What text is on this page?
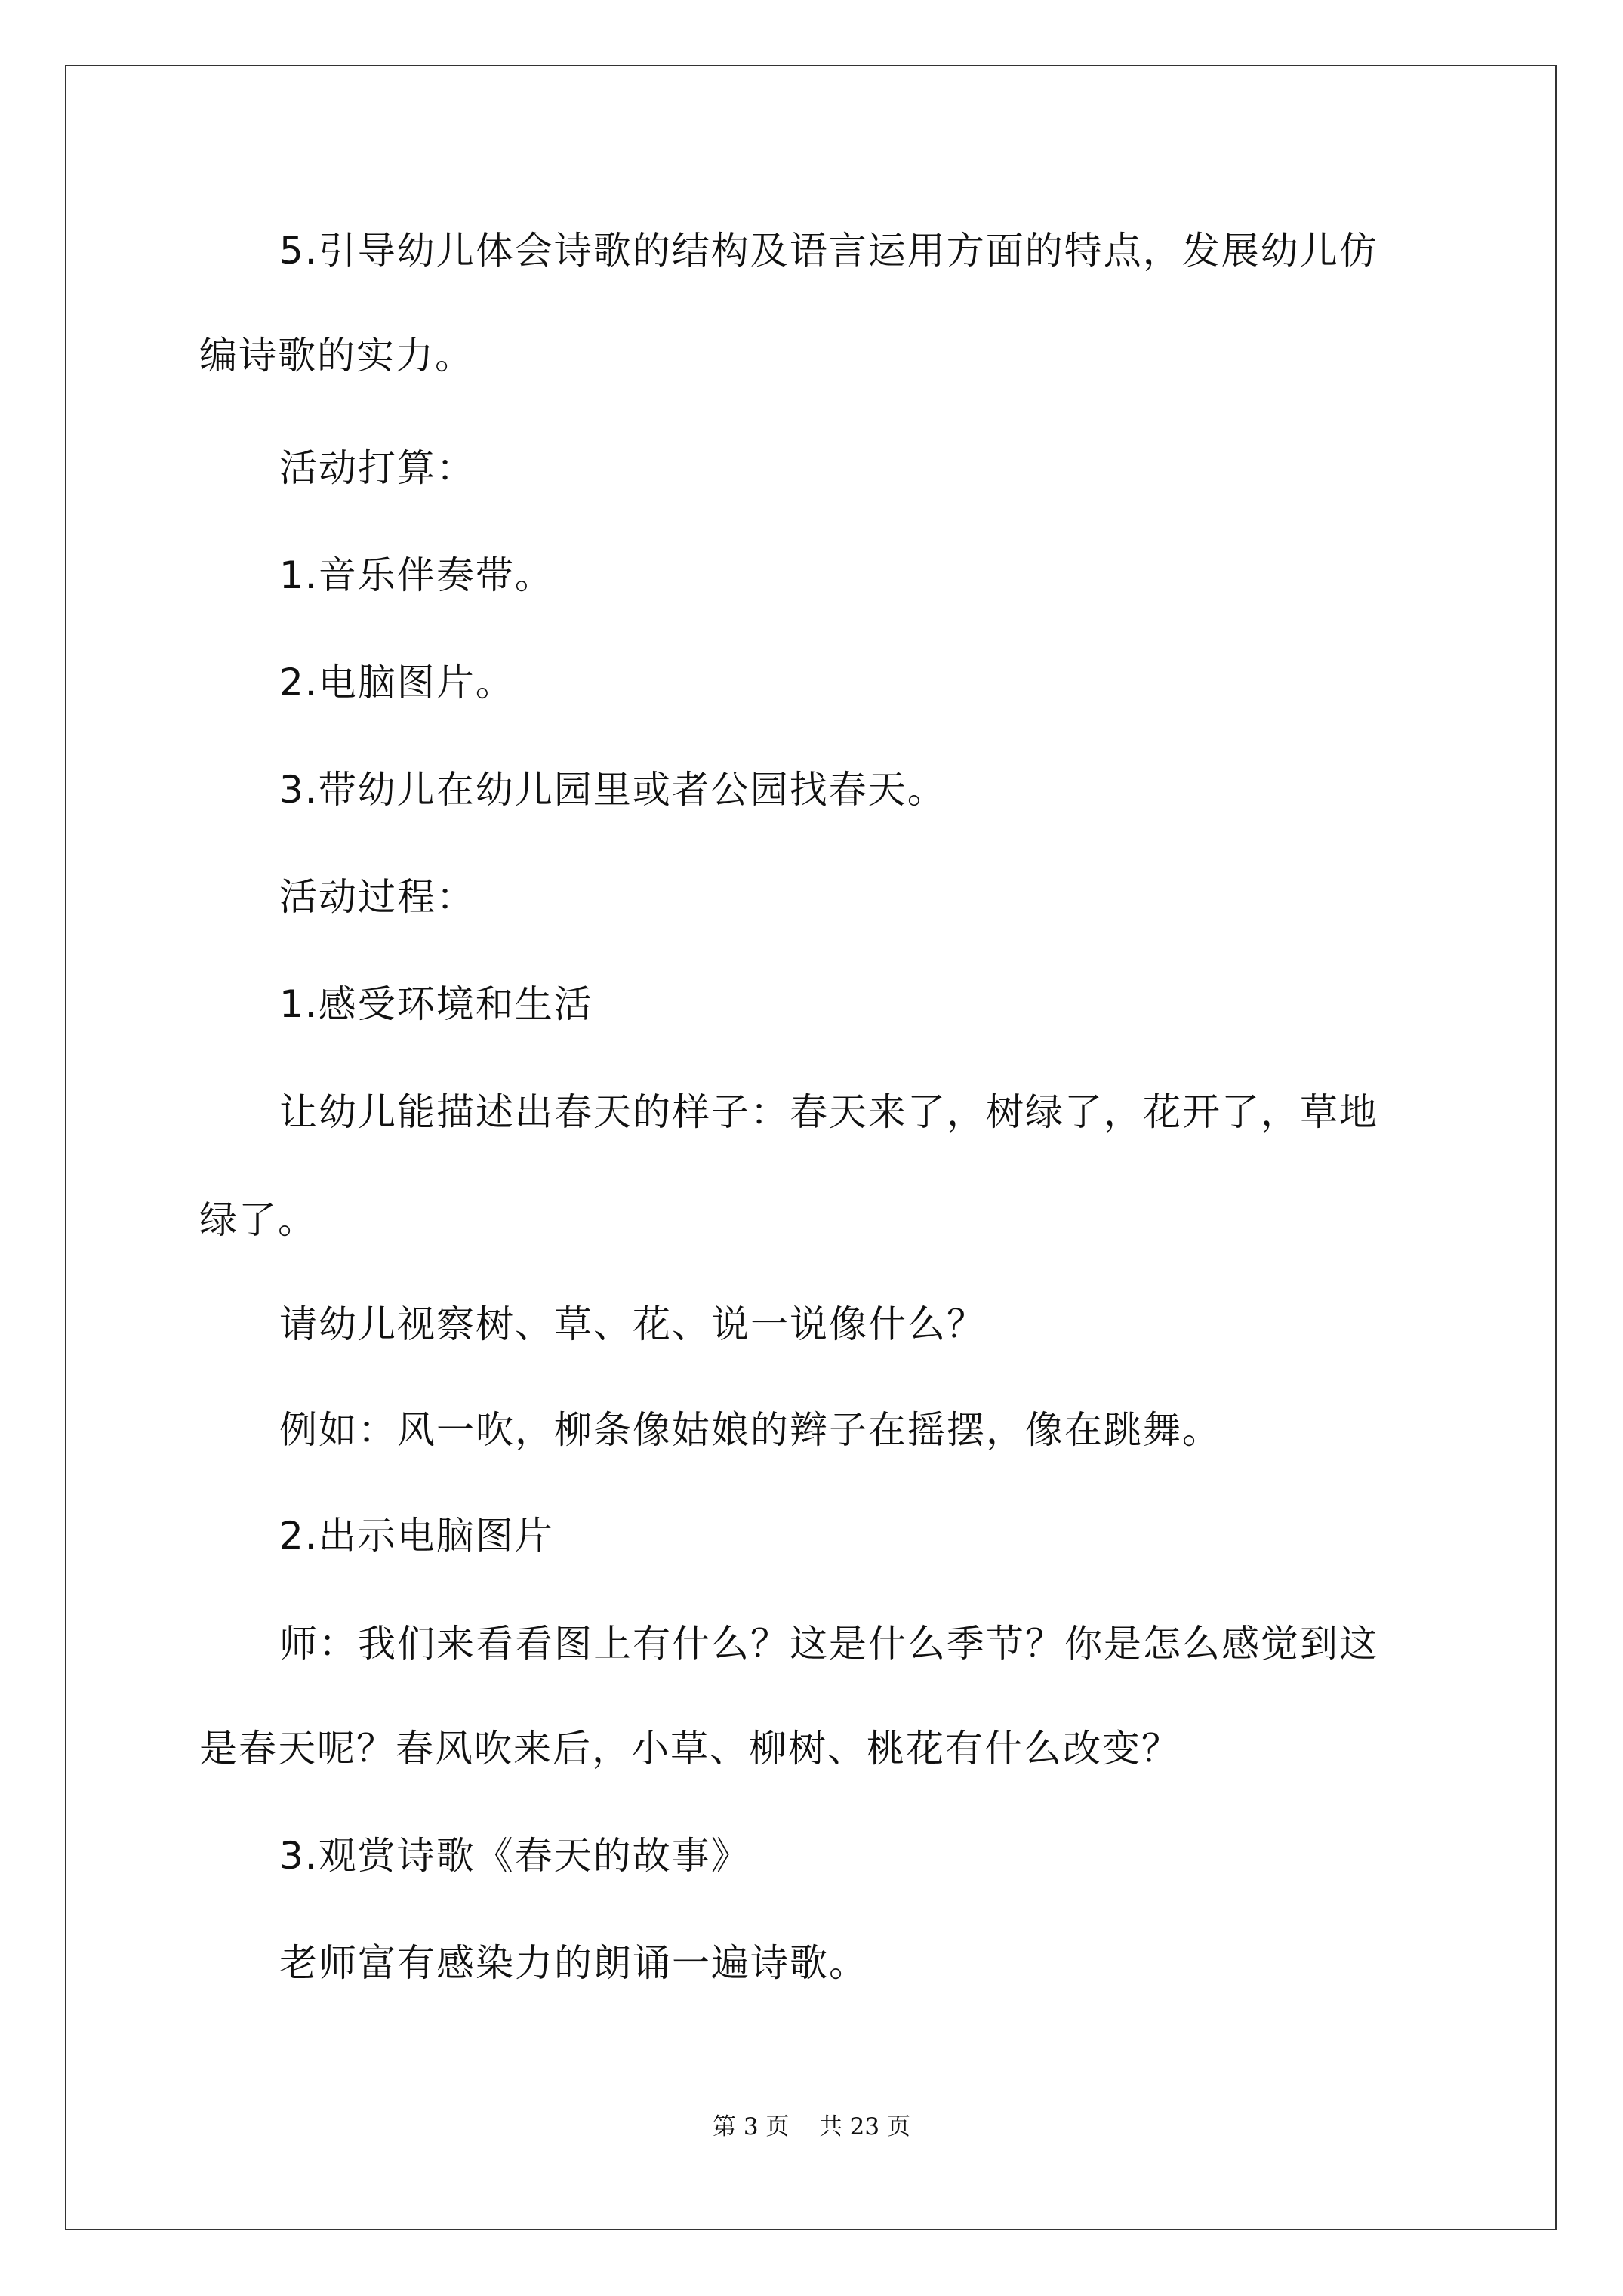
5.引导幼儿体会诗歌的结构及语言运用方面的特点，发展幼儿仿

编诗歌的实力。

活动打算：

1.音乐伴奏带。

2.电脑图片。

3.带幼儿在幼儿园里或者公园找春天。

活动过程：

1.感受环境和生活

让幼儿能描述出春天的样子：春天来了，树绿了，花开了，草地

绿了。

请幼儿视察树、草、花、说一说像什么？

例如：风一吹，柳条像姑娘的辫子在摇摆，像在跳舞。

2.出示电脑图片

师：我们来看看图上有什么？这是什么季节？你是怎么感觉到这

是春天呢？春风吹来后，小草、柳树、桃花有什么改变？

3.观赏诗歌《春天的故事》

老师富有感染力的朗诵一遍诗歌。

第 3 页    共 23 页
